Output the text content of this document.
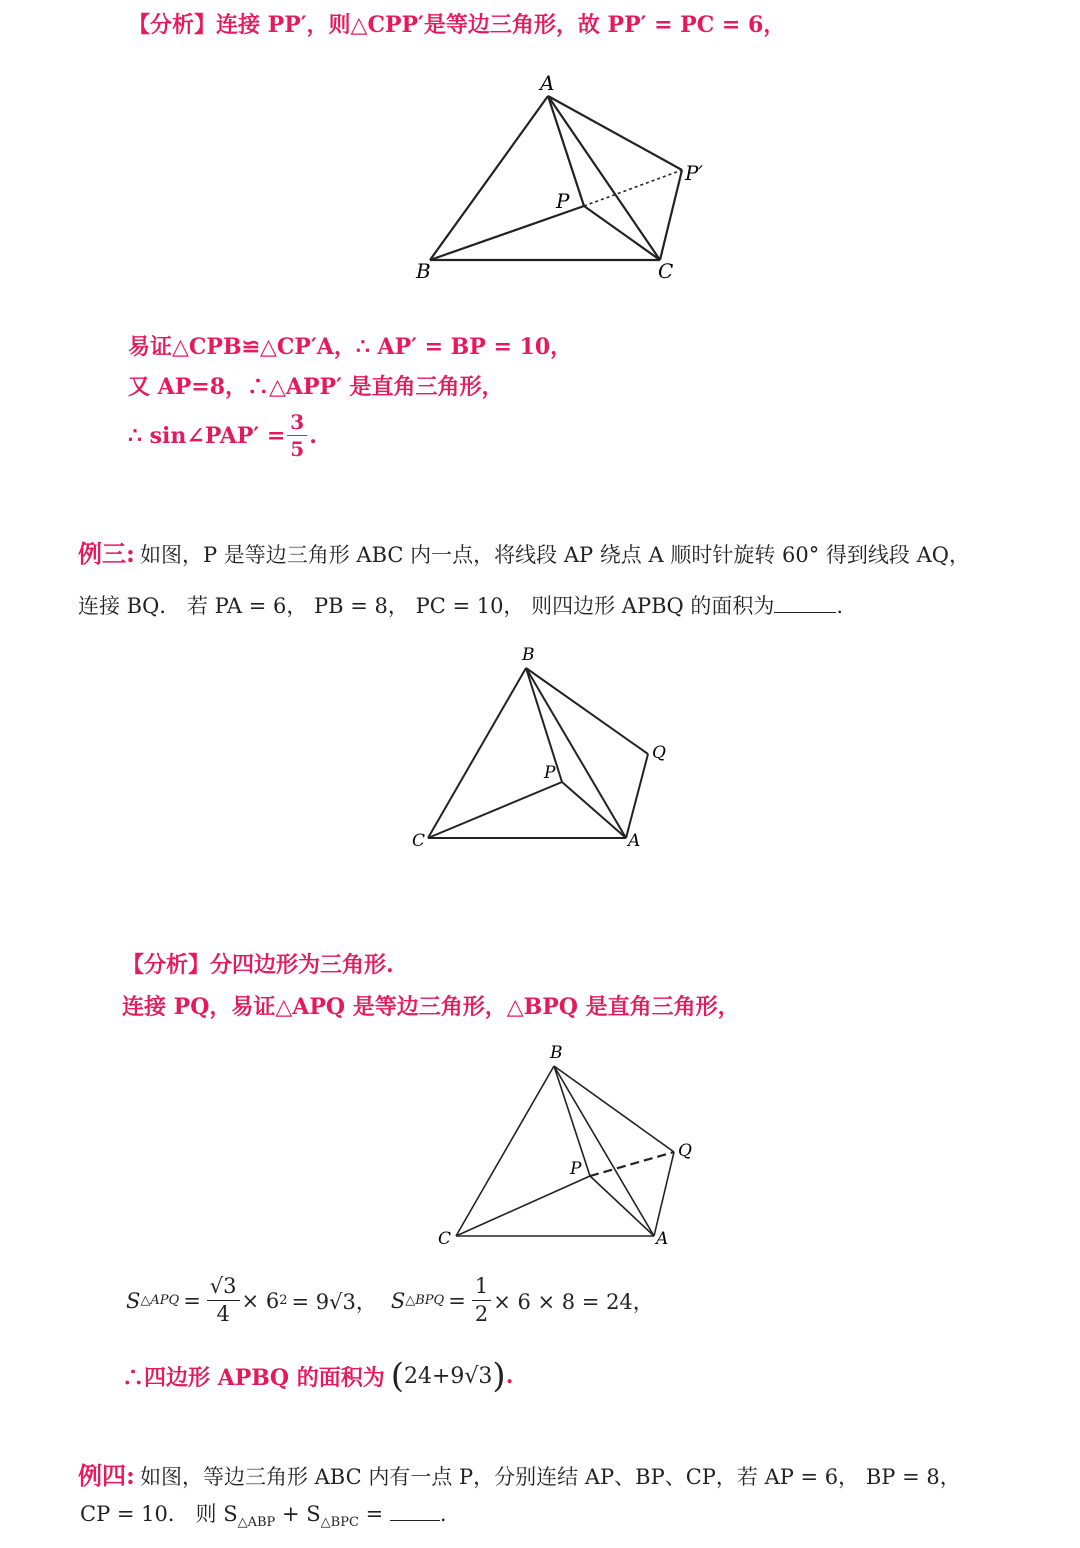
【分析】连接 PP′，则△CPP′是等边三角形，故 PP′ = PC = 6，
A
B	C
P
P′
易证△CPB≌△CP′A，∴ AP′ = BP = 10，
又 AP=8，∴△APP′ 是直角三角形，
∴ sin∠PAP′ = $\frac{3}{5}$ .
例三: 如图，P 是等边三角形 ABC 内一点，将线段 AP 绕点 A 顺时针旋转 60° 得到线段 AQ，
连接 BQ． 若 PA = 6， PB = 8， PC = 10， 则四边形 APBQ 的面积为	.
B
C	A
P
Q
【分析】分四边形为三角形.
连接 PQ，易证△APQ 是等边三角形，△BPQ 是直角三角形，
B
C	A
P
Q
S △APQ = $\frac{√3}{4} \times 6$ 2 = 9√3， S △BPQ = $\frac{1}{2} \times 6 \times 8 = 24$，
∴四边形 APBQ 的面积为 ( 24+9√3 ) .
例四: 如图，等边三角形 ABC 内有一点 P，分别连结 AP、BP、CP，若 AP = 6， BP = 8，
CP = 10． 则 $S_{\triangle ABP} + S_{\triangle BPC}$ =	.
